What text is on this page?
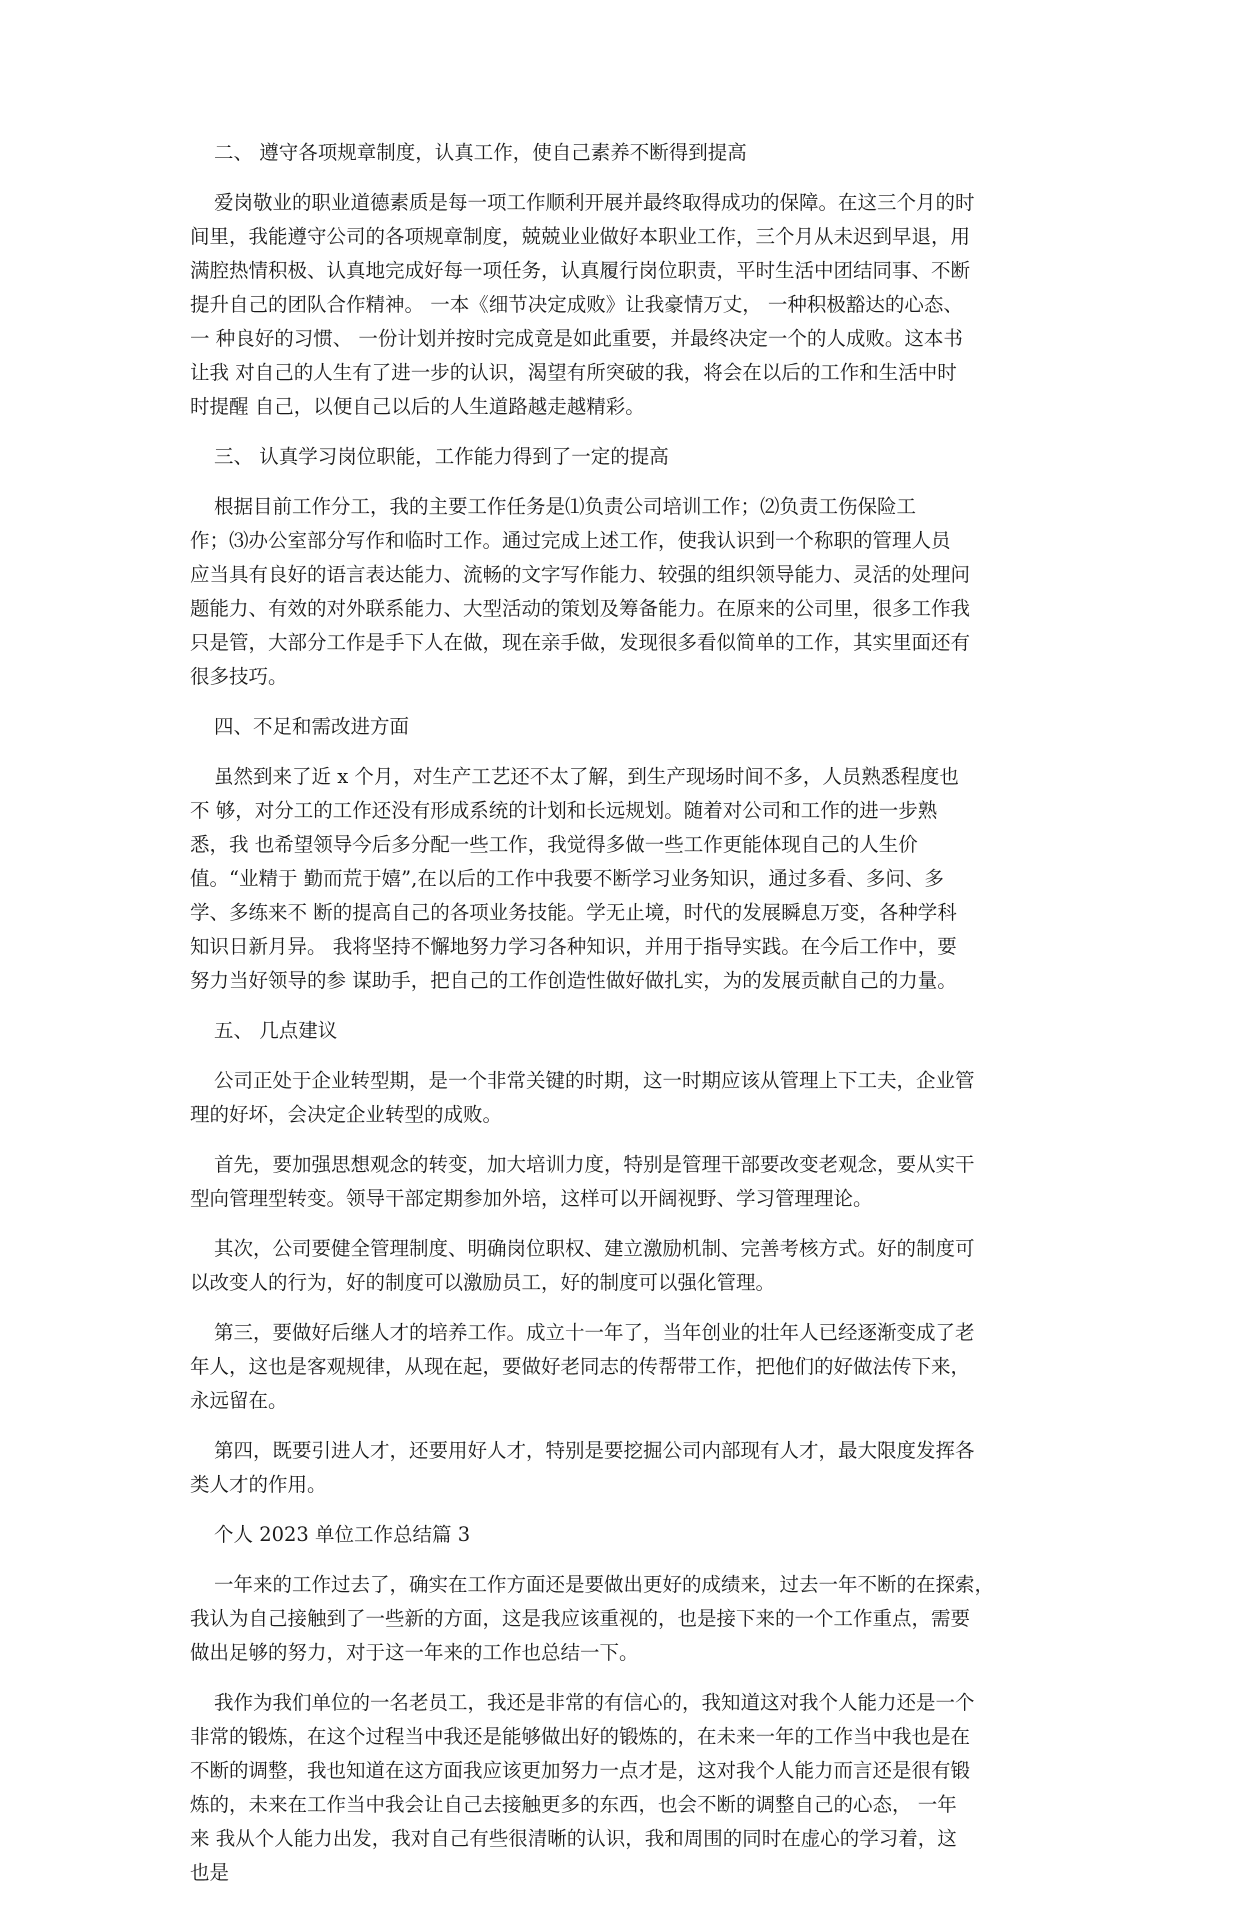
二、 遵守各项规章制度，认真工作，使自己素养不断得到提高
爱岗敬业的职业道德素质是每一项工作顺利开展并最终取得成功的保障。在这三个月的时
间里，我能遵守公司的各项规章制度，兢兢业业做好本职业工作，三个月从未迟到早退，用
满腔热情积极、认真地完成好每一项任务，认真履行岗位职责，平时生活中团结同事、不断
提升自己的团队合作精神。 一本《细节决定成败》让我豪情万丈， 一种积极豁达的心态、
一 种良好的习惯、 一份计划并按时完成竟是如此重要，并最终决定一个的人成败。这本书
让我 对自己的人生有了进一步的认识，渴望有所突破的我，将会在以后的工作和生活中时
时提醒 自己，以便自己以后的人生道路越走越精彩。
三、 认真学习岗位职能，工作能力得到了一定的提高
根据目前工作分工，我的主要工作任务是⑴负责公司培训工作；⑵负责工伤保险工
作；⑶办公室部分写作和临时工作。通过完成上述工作，使我认识到一个称职的管理人员
应当具有良好的语言表达能力、流畅的文字写作能力、较强的组织领导能力、灵活的处理问
题能力、有效的对外联系能力、大型活动的策划及筹备能力。在原来的公司里，很多工作我
只是管，大部分工作是手下人在做，现在亲手做，发现很多看似简单的工作，其实里面还有
很多技巧。
四、不足和需改进方面
虽然到来了近 x 个月，对生产工艺还不太了解，到生产现场时间不多，人员熟悉程度也
不 够，对分工的工作还没有形成系统的计划和长远规划。随着对公司和工作的进一步熟
悉，我 也希望领导今后多分配一些工作，我觉得多做一些工作更能体现自己的人生价
值。“业精于 勤而荒于嬉”,在以后的工作中我要不断学习业务知识，通过多看、多问、多
学、多练来不 断的提高自己的各项业务技能。学无止境，时代的发展瞬息万变，各种学科
知识日新月异。 我将坚持不懈地努力学习各种知识，并用于指导实践。在今后工作中，要
努力当好领导的参 谋助手，把自己的工作创造性做好做扎实，为的发展贡献自己的力量。
五、 几点建议
公司正处于企业转型期，是一个非常关键的时期，这一时期应该从管理上下工夫，企业管
理的好坏，会决定企业转型的成败。
首先，要加强思想观念的转变，加大培训力度，特别是管理干部要改变老观念，要从实干
型向管理型转变。领导干部定期参加外培，这样可以开阔视野、学习管理理论。
其次，公司要健全管理制度、明确岗位职权、建立激励机制、完善考核方式。好的制度可
以改变人的行为，好的制度可以激励员工，好的制度可以强化管理。
第三，要做好后继人才的培养工作。成立十一年了，当年创业的壮年人已经逐渐变成了老
年人，这也是客观规律，从现在起，要做好老同志的传帮带工作，把他们的好做法传下来，
永远留在。
第四，既要引进人才，还要用好人才，特别是要挖掘公司内部现有人才，最大限度发挥各
类人才的作用。
个人 2023 单位工作总结篇 3
一年来的工作过去了，确实在工作方面还是要做出更好的成绩来，过去一年不断的在探索，
我认为自己接触到了一些新的方面，这是我应该重视的，也是接下来的一个工作重点，需要
做出足够的努力，对于这一年来的工作也总结一下。
我作为我们单位的一名老员工，我还是非常的有信心的，我知道这对我个人能力还是一个
非常的锻炼，在这个过程当中我还是能够做出好的锻炼的，在未来一年的工作当中我也是在
不断的调整，我也知道在这方面我应该更加努力一点才是，这对我个人能力而言还是很有锻
炼的，未来在工作当中我会让自己去接触更多的东西，也会不断的调整自己的心态， 一年
来 我从个人能力出发，我对自己有些很清晰的认识，我和周围的同时在虚心的学习着，这
也是
